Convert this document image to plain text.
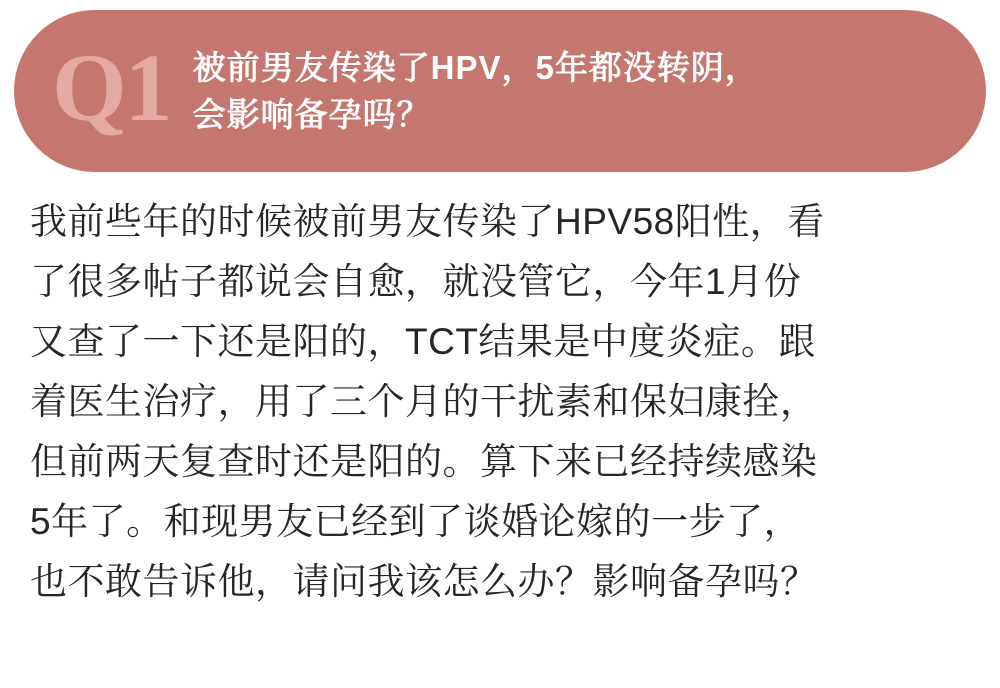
Q1 被前男友传染了HPV，5年都没转阴，
会影响备孕吗？
我前些年的时候被前男友传染了HPV58阳性，看
了很多帖子都说会自愈，就没管它，今年1月份
又查了一下还是阳的，TCT结果是中度炎症。跟
着医生治疗，用了三个月的干扰素和保妇康拴，
但前两天复查时还是阳的。算下来已经持续感染
5年了。和现男友已经到了谈婚论嫁的一步了，
也不敢告诉他，请问我该怎么办？影响备孕吗？
